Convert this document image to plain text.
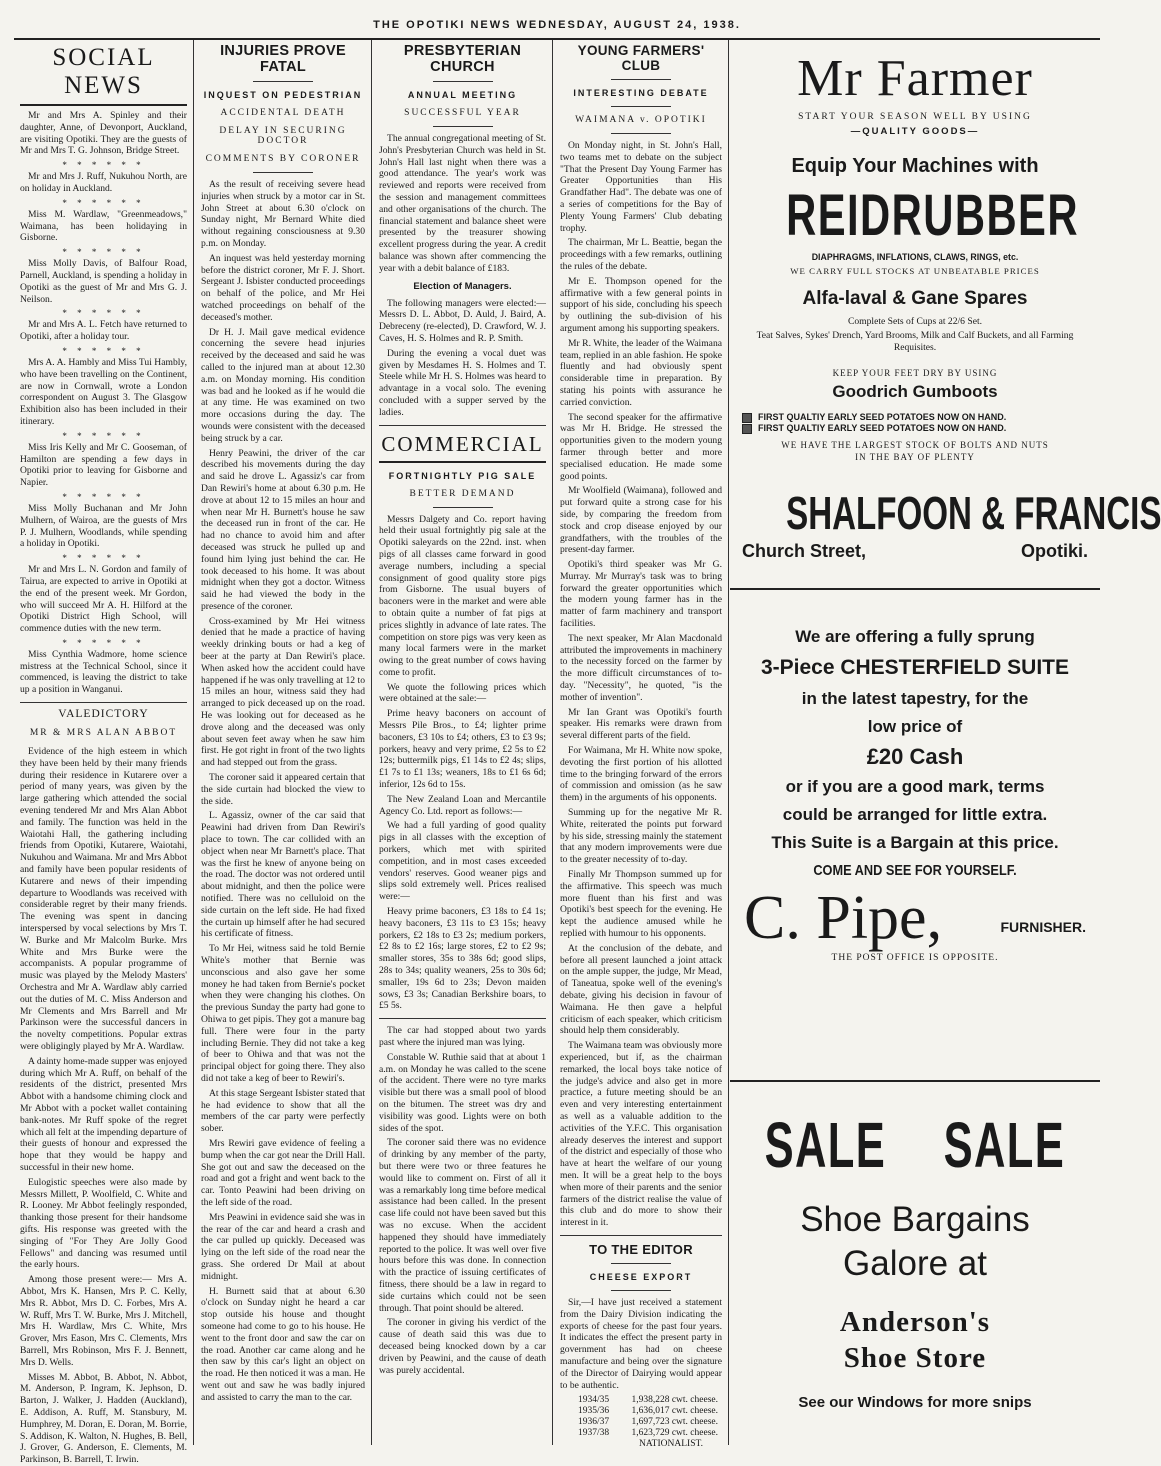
THE OPOTIKI NEWS WEDNESDAY, AUGUST 24, 1938.
SOCIAL NEWS

Mr and Mrs A. Spinley and their daughter, Anne, of Devonport, Auckland, are visiting Opotiki. They are the guests of Mr and Mrs T. G. Johnson, Bridge Street.

* * * * * *

Mr and Mrs J. Ruff, Nukuhou North, are on holiday in Auckland.

* * * * * *

Miss M. Wardlaw, "Greenmeadows," Waimana, has been holidaying in Gisborne.

* * * * * *

Miss Molly Davis, of Balfour Road, Parnell, Auckland, is spending a holiday in Opotiki as the guest of Mr and Mrs G. J. Neilson.

* * * * * *

Mr and Mrs A. L. Fetch have returned to Opotiki, after a holiday tour.

* * * * * *

Mrs A. A. Hambly and Miss Tui Hambly, who have been travelling on the Continent, are now in Cornwall, wrote a London correspondent on August 3. The Glasgow Exhibition also has been included in their itinerary.

* * * * * *

Miss Iris Kelly and Mr C. Gooseman, of Hamilton are spending a few days in Opotiki prior to leaving for Gisborne and Napier.

* * * * * *

Miss Molly Buchanan and Mr John Mulhern, of Wairoa, are the guests of Mrs P. J. Mulhern, Woodlands, while spending a holiday in Opotiki.

* * * * * *

Mr and Mrs L. N. Gordon and family of Tairua, are expected to arrive in Opotiki at the end of the present week. Mr Gordon, who will succeed Mr A. H. Hilford at the Opotiki District High School, will commence duties with the new term.

* * * * * *

Miss Cynthia Wadmore, home science mistress at the Technical School, since it commenced, is leaving the district to take up a position in Wanganui.

VALEDICTORY
MR & MRS ALAN ABBOT

Evidence of the high esteem in which they have been held by their many friends during their residence in Kutarere over a period of many years, was given by the large gathering which attended the social evening tendered Mr and Mrs Alan Abbot and family. The function was held in the Waiotahi Hall, the gathering including friends from Opotiki, Kutarere, Waiotahi, Nukuhou and Waimana. Mr and Mrs Abbot and family have been popular residents of Kutarere and news of their impending departure to Woodlands was received with considerable regret by their many friends. The evening was spent in dancing interspersed by vocal selections by Mrs T. W. Burke and Mr Malcolm Burke. Mrs White and Mrs Burke were the accompanists. A popular programme of music was played by the Melody Masters' Orchestra and Mr A. Wardlaw ably carried out the duties of M. C. Miss Anderson and Mr Clements and Mrs Barrell and Mr Parkinson were the successful dancers in the novelty competitions. Popular extras were obligingly played by Mr A. Wardlaw.

A dainty home-made supper was enjoyed during which Mr A. Ruff, on behalf of the residents of the district, presented Mrs Abbot with a handsome chiming clock and Mr Abbot with a pocket wallet containing bank-notes. Mr Ruff spoke of the regret which all felt at the impending departure of their guests of honour and expressed the hope that they would be happy and successful in their new home.

Eulogistic speeches were also made by Messrs Millett, P. Woolfield, C. White and R. Looney. Mr Abbot feelingly responded, thanking those present for their handsome gifts. His response was greeted with the singing of "For They Are Jolly Good Fellows" and dancing was resumed until the early hours.

Among those present were:— Mrs A. Abbot, Mrs K. Hansen, Mrs P. C. Kelly, Mrs R. Abbot, Mrs D. C. Forbes, Mrs A. W. Ruff, Mrs T. W. Burke, Mrs J. Mitchell, Mrs H. Wardlaw, Mrs C. White, Mrs Grover, Mrs Eason, Mrs C. Clements, Mrs Barrell, Mrs Robinson, Mrs F. J. Bennett, Mrs D. Wells.

Misses M. Abbot, B. Abbot, N. Abbot, M. Anderson, P. Ingram, K. Jephson, D. Barton, J. Walker, J. Hadden (Auckland), E. Addison, A. Ruff, M. Stansbury, M. Humphrey, M. Doran, E. Doran, M. Borrie, S. Addison, K. Walton, N. Hughes, B. Bell, J. Grover, G. Anderson, E. Clements, M. Parkinson, B. Barrell, T. Irwin.

INJURIES PROVE FATAL
INQUEST ON PEDESTRIAN
ACCIDENTAL DEATH
DELAY IN SECURING DOCTOR
COMMENTS BY CORONER

As the result of receiving severe head injuries when struck by a motor car in St. John Street at about 6.30 o'clock on Sunday night, Mr Bernard White died without regaining consciousness at 9.30 p.m. on Monday.

An inquest was held yesterday morning before the district coroner, Mr F. J. Short. Sergeant J. Isbister conducted proceedings on behalf of the police, and Mr Hei watched proceedings on behalf of the deceased's mother.

Dr H. J. Mail gave medical evidence concerning the severe head injuries received by the deceased and said he was called to the injured man at about 12.30 a.m. on Monday morning. His condition was bad and he looked as if he would die at any time. He was examined on two more occasions during the day. The wounds were consistent with the deceased being struck by a car.

Henry Peawini, the driver of the car described his movements during the day and said he drove L. Agassiz's car from Dan Rewiri's home at about 6.30 p.m. He drove at about 12 to 15 miles an hour and when near Mr H. Burnett's house he saw the deceased run in front of the car. He had no chance to avoid him and after deceased was struck he pulled up and found him lying just behind the car. He took deceased to his home. It was about midnight when they got a doctor. Witness said he had viewed the body in the presence of the coroner.

Cross-examined by Mr Hei witness denied that he made a practice of having weekly drinking bouts or had a keg of beer at the party at Dan Rewiri's place. When asked how the accident could have happened if he was only travelling at 12 to 15 miles an hour, witness said they had arranged to pick deceased up on the road. He was looking out for deceased as he drove along and the deceased was only about seven feet away when he saw him first. He got right in front of the two lights and had stepped out from the grass.

The coroner said it appeared certain that the side curtain had blocked the view to the side.

L. Agassiz, owner of the car said that Peawini had driven from Dan Rewiri's place to town. The car collided with an object when near Mr Barnett's place. That was the first he knew of anyone being on the road. The doctor was not ordered until about midnight, and then the police were notified. There was no celluloid on the side curtain on the left side. He had fixed the curtain up himself after he had secured his certificate of fitness.

To Mr Hei, witness said he told Bernie White's mother that Bernie was unconscious and also gave her some money he had taken from Bernie's pocket when they were changing his clothes. On the previous Sunday the party had gone to Ohiwa to get pipis. They got a manure bag full. There were four in the party including Bernie. They did not take a keg of beer to Ohiwa and that was not the principal object for going there. They also did not take a keg of beer to Rewiri's.

At this stage Sergeant Isbister stated that he had evidence to show that all the members of the car party were perfectly sober.

Mrs Rewiri gave evidence of feeling a bump when the car got near the Drill Hall. She got out and saw the deceased on the road and got a fright and went back to the car. Tonto Peawini had been driving on the left side of the road.

Mrs Peawini in evidence said she was in the rear of the car and heard a crash and the car pulled up quickly. Deceased was lying on the left side of the road near the grass. She ordered Dr Mail at about midnight.

H. Burnett said that at about 6.30 o'clock on Sunday night he heard a car stop outside his house and thought someone had come to go to his house. He went to the front door and saw the car on the road. Another car came along and he then saw by this car's light an object on the road. He then noticed it was a man. He went out and saw he was badly injured and assisted to carry the man to the car.

PRESBYTERIAN CHURCH
ANNUAL MEETING
SUCCESSFUL YEAR

The annual congregational meeting of St. John's Presbyterian Church was held in St. John's Hall last night when there was a good attendance. The year's work was reviewed and reports were received from the session and management committees and other organisations of the church. The financial statement and balance sheet were presented by the treasurer showing excellent progress during the year. A credit balance was shown after commencing the year with a debit balance of £183.

Election of Managers.

The following managers were elected:—Messrs D. L. Abbot, D. Auld, J. Baird, A. Debreceny (re-elected), D. Crawford, W. J. Caves, H. S. Holmes and R. P. Smith.

During the evening a vocal duet was given by Mesdames H. S. Holmes and T. Steele while Mr H. S. Holmes was heard to advantage in a vocal solo. The evening concluded with a supper served by the ladies.

COMMERCIAL
FORTNIGHTLY PIG SALE
BETTER DEMAND

Messrs Dalgety and Co. report having held their usual fortnightly pig sale at the Opotiki saleyards on the 22nd. inst. when pigs of all classes came forward in good average numbers, including a special consignment of good quality store pigs from Gisborne. The usual buyers of baconers were in the market and were able to obtain quite a number of fat pigs at prices slightly in advance of late rates. The competition on store pigs was very keen as many local farmers were in the market owing to the great number of cows having come to profit.

We quote the following prices which were obtained at the sale:—

Prime heavy baconers on account of Messrs Pile Bros., to £4; lighter prime baconers, £3 10s to £4; others, £3 to £3 9s; porkers, heavy and very prime, £2 5s to £2 12s; buttermilk pigs, £1 14s to £2 4s; slips, £1 7s to £1 13s; weaners, 18s to £1 6s 6d; inferior, 12s 6d to 15s.

The New Zealand Loan and Mercantile Agency Co. Ltd. report as follows:—

We had a full yarding of good quality pigs in all classes with the exception of porkers, which met with spirited competition, and in most cases exceeded vendors' reserves. Good weaner pigs and slips sold extremely well. Prices realised were:—

Heavy prime baconers, £3 18s to £4 1s; heavy baconers, £3 11s to £3 15s; heavy porkers, £2 18s to £3 2s; medium porkers, £2 8s to £2 16s; large stores, £2 to £2 9s; smaller stores, 35s to 38s 6d; good slips, 28s to 34s; quality weaners, 25s to 30s 6d; smaller, 19s 6d to 23s; Devon maiden sows, £3 3s; Canadian Berkshire boars, to £5 5s.

The car had stopped about two yards past where the injured man was lying.

Constable W. Ruthie said that at about 1 a.m. on Monday he was called to the scene of the accident. There were no tyre marks visible but there was a small pool of blood on the bitumen. The street was dry and visibility was good. Lights were on both sides of the spot.

The coroner said there was no evidence of drinking by any member of the party, but there were two or three features he would like to comment on. First of all it was a remarkably long time before medical assistance had been called. In the present case life could not have been saved but this was no excuse. When the accident happened they should have immediately reported to the police. It was well over five hours before this was done. In connection with the practice of issuing certificates of fitness, there should be a law in regard to side curtains which could not be seen through. That point should be altered.

The coroner in giving his verdict of the cause of death said this was due to deceased being knocked down by a car driven by Peawini, and the cause of death was purely accidental.

YOUNG FARMERS' CLUB
INTERESTING DEBATE
WAIMANA v. OPOTIKI

On Monday night, in St. John's Hall, two teams met to debate on the subject "That the Present Day Young Farmer has Greater Opportunities than His Grandfather Had". The debate was one of a series of competitions for the Bay of Plenty Young Farmers' Club debating trophy.

The chairman, Mr L. Beattie, began the proceedings with a few remarks, outlining the rules of the debate.

Mr E. Thompson opened for the affirmative with a few general points in support of his side, concluding his speech by outlining the sub-division of his argument among his supporting speakers.

Mr R. White, the leader of the Waimana team, replied in an able fashion. He spoke fluently and had obviously spent considerable time in preparation. By stating his points with assurance he carried conviction.

The second speaker for the affirmative was Mr H. Bridge. He stressed the opportunities given to the modern young farmer through better and more specialised education. He made some good points.

Mr Woolfield (Waimana), followed and put forward quite a strong case for his side, by comparing the freedom from stock and crop disease enjoyed by our grandfathers, with the troubles of the present-day farmer.

Opotiki's third speaker was Mr G. Murray. Mr Murray's task was to bring forward the greater opportunities which the modern young farmer has in the matter of farm machinery and transport facilities.

The next speaker, Mr Alan Macdonald attributed the improvements in machinery to the necessity forced on the farmer by the more difficult circumstances of to-day. "Necessity", he quoted, "is the mother of invention".

Mr Ian Grant was Opotiki's fourth speaker. His remarks were drawn from several different parts of the field.

For Waimana, Mr H. White now spoke, devoting the first portion of his allotted time to the bringing forward of the errors of commission and omission (as he saw them) in the arguments of his opponents.

Summing up for the negative Mr R. White, reiterated the points put forward by his side, stressing mainly the statement that any modern improvements were due to the greater necessity of to-day.

Finally Mr Thompson summed up for the affirmative. This speech was much more fluent than his first and was Opotiki's best speech for the evening. He kept the audience amused while he replied with humour to his opponents.

At the conclusion of the debate, and before all present launched a joint attack on the ample supper, the judge, Mr Mead, of Taneatua, spoke well of the evening's debate, giving his decision in favour of Waimana. He then gave a helpful criticism of each speaker, which criticism should help them considerably.

The Waimana team was obviously more experienced, but if, as the chairman remarked, the local boys take notice of the judge's advice and also get in more practice, a future meeting should be an even and very interesting entertainment as well as a valuable addition to the activities of the Y.F.C. This organisation already deserves the interest and support of the district and especially of those who have at heart the welfare of our young men. It will be a great help to the boys when more of their parents and the senior farmers of the district realise the value of this club and do more to show their interest in it.

TO THE EDITOR
CHEESE EXPORT

Sir,—I have just received a statement from the Dairy Division indicating the exports of cheese for the past four years. It indicates the effect the present party in government has had on cheese manufacture and being over the signature of the Director of Dairying would appear to be authentic.

1934/35 1,938,228 cwt. cheese.
1935/36 1,636,017 cwt. cheese.
1936/37 1,697,723 cwt. cheese.
1937/38 1,623,729 cwt. cheese.
NATIONALIST.
Mr Farmer
START YOUR SEASON WELL BY USING
—QUALITY GOODS—
Equip Your Machines with
REIDRUBBER
DIAPHRAGMS, INFLATIONS, CLAWS, RINGS, etc.
WE CARRY FULL STOCKS AT UNBEATABLE PRICES
Alfa-laval & Gane Spares
Complete Sets of Cups at 22/6 Set.
Teat Salves, Sykes' Drench, Yard Brooms, Milk and Calf Buckets, and all Farming Requisites.
KEEP YOUR FEET DRY BY USING
Goodrich Gumboots
FIRST QUALTIY EARLY SEED POTATOES NOW ON HAND.
FIRST QUALTIY EARLY SEED POTATOES NOW ON HAND.
WE HAVE THE LARGEST STOCK OF BOLTS AND NUTS IN THE BAY OF PLENTY
SHALFOON & FRANCIS
Church Street,	Opotiki.
We are offering a fully sprung
3-Piece CHESTERFIELD SUITE
in the latest tapestry, for the
low price of
£20 Cash
or if you are a good mark, terms
could be arranged for little extra.
This Suite is a Bargain at this price.
COME AND SEE FOR YOURSELF.
C. Pipe,	FURNISHER.
THE POST OFFICE IS OPPOSITE.
SALE SALE
Shoe Bargains
Galore at
Anderson's
Shoe Store
See our Windows for more snips
